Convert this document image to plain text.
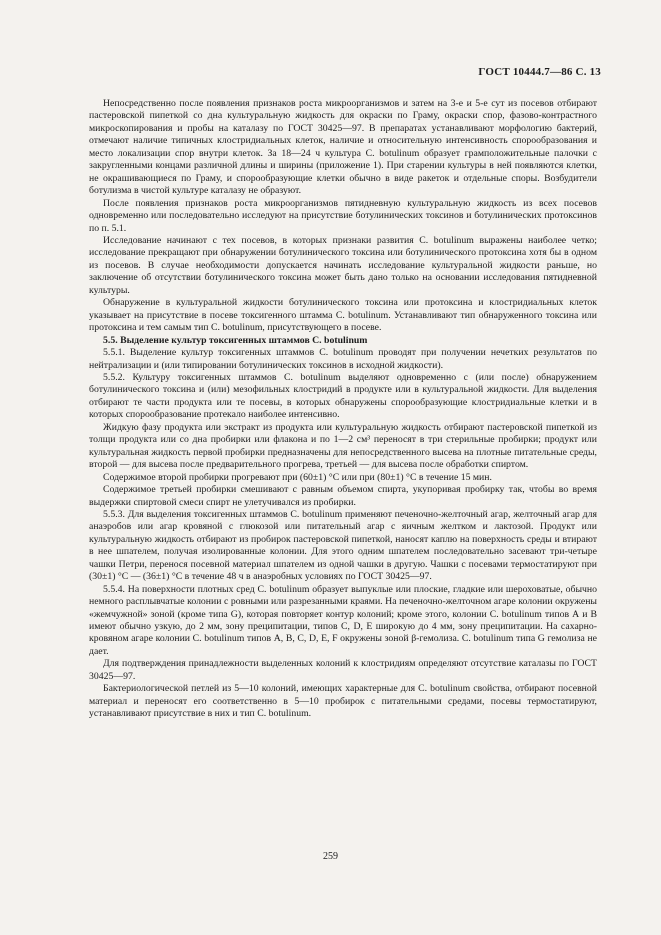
ГОСТ 10444.7—86 С. 13

Непосредственно после появления признаков роста микроорганизмов и затем на 3-е и 5-е сут из посевов отбирают пастеровской пипеткой со дна культуральную жидкость для окраски по Граму, окраски спор, фазово-контрастного микроскопирования и пробы на каталазу по ГОСТ 30425—97. В препаратах устанавливают морфологию бактерий, отмечают наличие типичных клостридиальных клеток, наличие и относительную интенсивность спорообразования и место локализации спор внутри клеток. За 18—24 ч культура C. botulinum образует грамположительные палочки с закругленными концами различной длины и ширины (приложение 1). При старении культуры в ней появляются клетки, не окрашивающиеся по Граму, и спорообразующие клетки обычно в виде ракеток и отдельные споры. Возбудители ботулизма в чистой культуре каталазу не образуют.

После появления признаков роста микроорганизмов пятидневную культуральную жидкость из всех посевов одновременно или последовательно исследуют на присутствие ботулинических токсинов и ботулинических протоксинов по п. 5.1.

Исследование начинают с тех посевов, в которых признаки развития C. botulinum выражены наиболее четко; исследование прекращают при обнаружении ботулинического токсина или ботулинического протоксина хотя бы в одном из посевов. В случае необходимости допускается начинать исследование культуральной жидкости раньше, но заключение об отсутствии ботулинического токсина может быть дано только на основании исследования пятидневной культуры.

Обнаружение в культуральной жидкости ботулинического токсина или протоксина и клостридиальных клеток указывает на присутствие в посеве токсигенного штамма C. botulinum. Устанавливают тип обнаруженного токсина или протоксина и тем самым тип C. botulinum, присутствующего в посеве.

5.5. Выделение культур токсигенных штаммов C. botulinum

5.5.1. Выделение культур токсигенных штаммов C. botulinum проводят при получении нечетких результатов по нейтрализации и (или типировании ботулинических токсинов в исходной жидкости).

5.5.2. Культуру токсигенных штаммов C. botulinum выделяют одновременно с (или после) обнаружением ботулинического токсина и (или) мезофильных клостридий в продукте или в культуральной жидкости. Для выделения отбирают те части продукта или те посевы, в которых обнаружены спорообразующие клостридиальные клетки и в которых спорообразование протекало наиболее интенсивно.

Жидкую фазу продукта или экстракт из продукта или культуральную жидкость отбирают пастеровской пипеткой из толщи продукта или со дна пробирки или флакона и по 1—2 см³ переносят в три стерильные пробирки; продукт или культуральная жидкость первой пробирки предназначены для непосредственного высева на плотные питательные среды, второй — для высева после предварительного прогрева, третьей — для высева после обработки спиртом.

Содержимое второй пробирки прогревают при (60±1) °С или при (80±1) °С в течение 15 мин.

Содержимое третьей пробирки смешивают с равным объемом спирта, укупоривая пробирку так, чтобы во время выдержки спиртовой смеси спирт не улетучивался из пробирки.

5.5.3. Для выделения токсигенных штаммов C. botulinum применяют печеночно-желточный агар, желточный агар для анаэробов или агар кровяной с глюкозой или питательный агар с яичным желтком и лактозой. Продукт или культуральную жидкость отбирают из пробирок пастеровской пипеткой, наносят каплю на поверхность среды и втирают в нее шпателем, получая изолированные колонии. Для этого одним шпателем последовательно засевают три-четыре чашки Петри, перенося посевной материал шпателем из одной чашки в другую. Чашки с посевами термостатируют при (30±1) °С — (36±1) °С в течение 48 ч в анаэробных условиях по ГОСТ 30425—97.

5.5.4. На поверхности плотных сред C. botulinum образует выпуклые или плоские, гладкие или шероховатые, обычно немного расплывчатые колонии с ровными или разрезанными краями. На печеночно-желточном агаре колонии окружены «жемчужной» зоной (кроме типа G), которая повторяет контур колоний; кроме этого, колонии C. botulinum типов А и В имеют обычно узкую, до 2 мм, зону преципитации, типов C, D, E широкую до 4 мм, зону преципитации. На сахарно-кровяном агаре колонии C. botulinum типов A, B, C, D, E, F окружены зоной β-гемолиза. C. botulinum типа G гемолиза не дает.

Для подтверждения принадлежности выделенных колоний к клостридиям определяют отсутствие каталазы по ГОСТ 30425—97.

Бактериологической петлей из 5—10 колоний, имеющих характерные для C. botulinum свойства, отбирают посевной материал и переносят его соответственно в 5—10 пробирок с питательными средами, посевы термостатируют, устанавливают присутствие в них и тип C. botulinum.

259
